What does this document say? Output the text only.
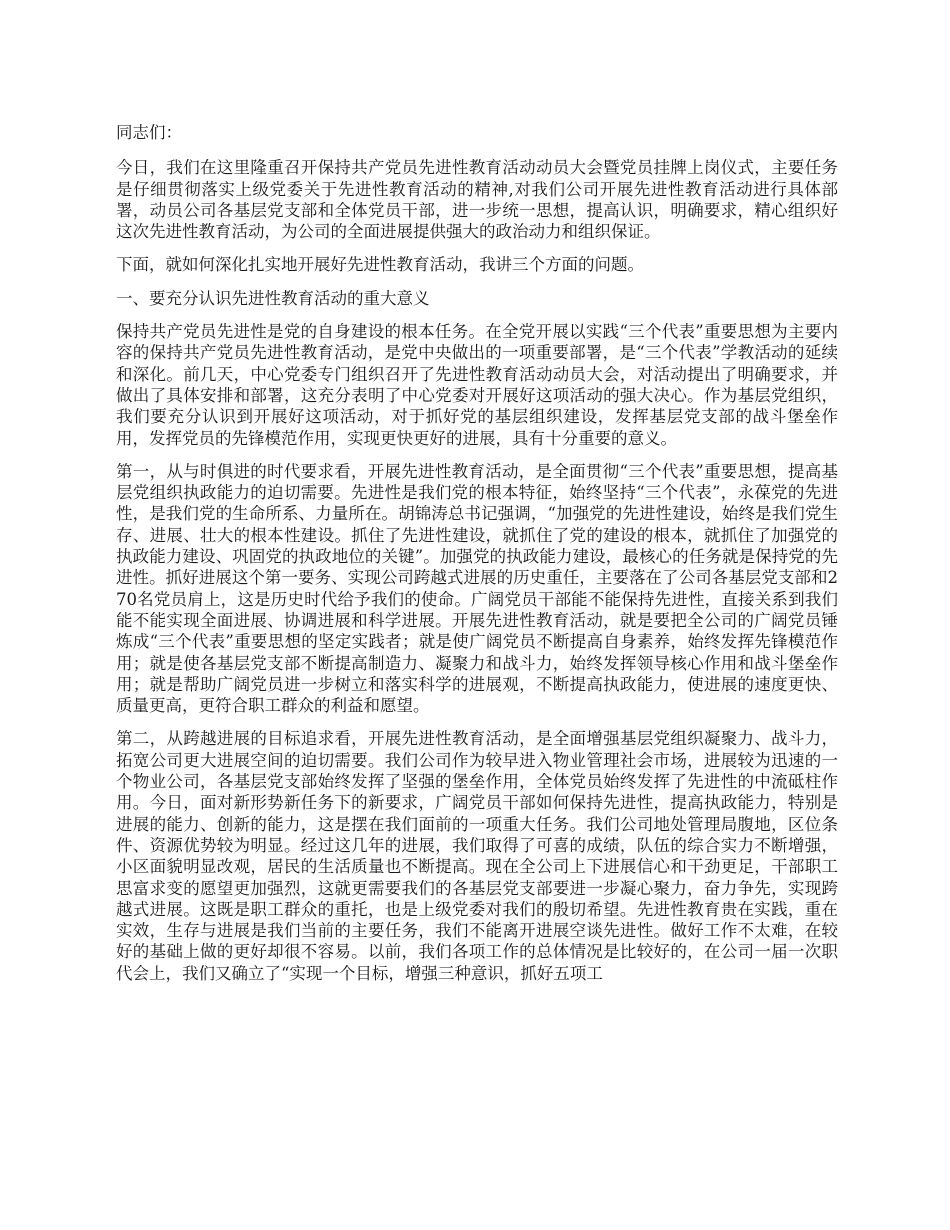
同志们：

今日，我们在这里隆重召开保持共产党员先进性教育活动动员大会暨党员挂牌上岗仪式，主要任务是仔细贯彻落实上级党委关于先进性教育活动的精神,对我们公司开展先进性教育活动进行具体部署，动员公司各基层党支部和全体党员干部，进一步统一思想，提高认识，明确要求，精心组织好这次先进性教育活动，为公司的全面进展提供强大的政治动力和组织保证。

下面，就如何深化扎实地开展好先进性教育活动，我讲三个方面的问题。

一、要充分认识先进性教育活动的重大意义

保持共产党员先进性是党的自身建设的根本任务。在全党开展以实践“三个代表”重要思想为主要内容的保持共产党员先进性教育活动，是党中央做出的一项重要部署，是“三个代表”学教活动的延续和深化。前几天，中心党委专门组织召开了先进性教育活动动员大会，对活动提出了明确要求，并做出了具体安排和部署，这充分表明了中心党委对开展好这项活动的强大决心。作为基层党组织，我们要充分认识到开展好这项活动，对于抓好党的基层组织建设，发挥基层党支部的战斗堡垒作用，发挥党员的先锋模范作用，实现更快更好的进展，具有十分重要的意义。

第一，从与时俱进的时代要求看，开展先进性教育活动，是全面贯彻“三个代表”重要思想，提高基层党组织执政能力的迫切需要。先进性是我们党的根本特征，始终坚持“三个代表”，永葆党的先进性，是我们党的生命所系、力量所在。胡锦涛总书记强调，“加强党的先进性建设，始终是我们党生存、进展、壮大的根本性建设。抓住了先进性建设，就抓住了党的建设的根本，就抓住了加强党的执政能力建设、巩固党的执政地位的关键”。加强党的执政能力建设，最核心的任务就是保持党的先进性。抓好进展这个第一要务、实现公司跨越式进展的历史重任，主要落在了公司各基层党支部和270名党员肩上，这是历史时代给予我们的使命。广阔党员干部能不能保持先进性，直接关系到我们能不能实现全面进展、协调进展和科学进展。开展先进性教育活动，就是要把全公司的广阔党员锤炼成“三个代表”重要思想的坚定实践者；就是使广阔党员不断提高自身素养，始终发挥先锋模范作用；就是使各基层党支部不断提高制造力、凝聚力和战斗力，始终发挥领导核心作用和战斗堡垒作用；就是帮助广阔党员进一步树立和落实科学的进展观，不断提高执政能力，使进展的速度更快、质量更高，更符合职工群众的利益和愿望。

第二，从跨越进展的目标追求看，开展先进性教育活动，是全面增强基层党组织凝聚力、战斗力，拓宽公司更大进展空间的迫切需要。我们公司作为较早进入物业管理社会市场，进展较为迅速的一个物业公司，各基层党支部始终发挥了坚强的堡垒作用，全体党员始终发挥了先进性的中流砥柱作用。今日，面对新形势新任务下的新要求，广阔党员干部如何保持先进性，提高执政能力，特别是进展的能力、创新的能力，这是摆在我们面前的一项重大任务。我们公司地处管理局腹地，区位条件、资源优势较为明显。经过这几年的进展，我们取得了可喜的成绩，队伍的综合实力不断增强，小区面貌明显改观，居民的生活质量也不断提高。现在全公司上下进展信心和干劲更足，干部职工思富求变的愿望更加强烈，这就更需要我们的各基层党支部要进一步凝心聚力，奋力争先，实现跨越式进展。这既是职工群众的重托，也是上级党委对我们的殷切希望。先进性教育贵在实践，重在实效，生存与进展是我们当前的主要任务，我们不能离开进展空谈先进性。做好工作不太难，在较好的基础上做的更好却很不容易。以前，我们各项工作的总体情况是比较好的，在公司一届一次职代会上，我们又确立了“实现一个目标，增强三种意识，抓好五项工
